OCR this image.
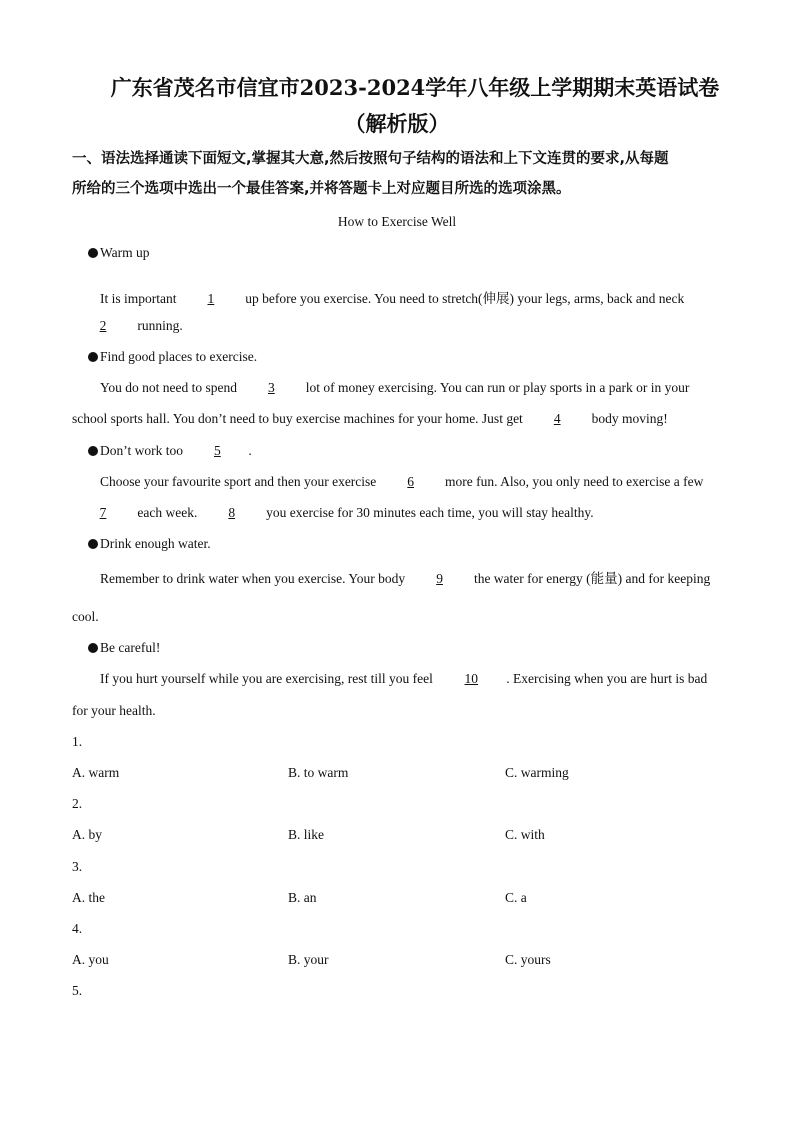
广东省茂名市信宜市2023-2024学年八年级上学期期末英语试卷
（解析版）
一、语法选择通读下面短文,掌握其大意,然后按照句子结构的语法和上下文连贯的要求,从每题
所给的三个选项中选出一个最佳答案,并将答题卡上对应题目所选的选项涂黑。
How to Exercise Well
Warm up
It is important 1 up before you exercise. You need to stretch(伸展) your legs, arms, back and neck
2 running.
Find good places to exercise.
You do not need to spend 3 lot of money exercising. You can run or play sports in a park or in your
school sports hall. You don’t need to buy exercise machines for your home. Just get 4 body moving!
Don’t work too 5 .
Choose your favourite sport and then your exercise 6 more fun. Also, you only need to exercise a few
7 each week. 8 you exercise for 30 minutes each time, you will stay healthy.
Drink enough water.
Remember to drink water when you exercise. Your body 9 the water for energy (能量) and for keeping
cool.
Be careful!
If you hurt yourself while you are exercising, rest till you feel 10 . Exercising when you are hurt is bad
for your health.
1.
A. warm	B. to warm	C. warming
2.
A. by	B. like	C. with
3.
A. the	B. an	C. a
4.
A. you	B. your	C. yours
5.
